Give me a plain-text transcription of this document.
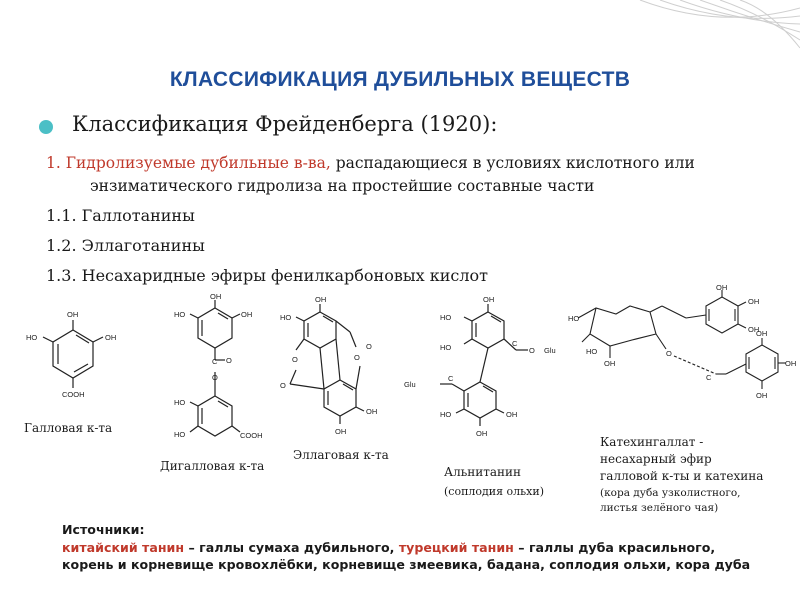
КЛАССИФИКАЦИЯ ДУБИЛЬНЫХ ВЕЩЕСТВ
Классификация Фрейденберга (1920):
1. Гидролизуемые дубильные в-ва, распадающиеся в условиях кислотного или
энзиматического гидролиза на простейшие составные части
1.1. Галлотанины
1.2. Эллаготанины
1.3. Несахаридные эфиры фенилкарбоновых кислот
OH
OH
HO
COOH
OH
OH
HO
C O
O
HO
HO	COOH
OH
HO
O	O
O
O
OH
OH
OH
HO
HO	C
O Glu
Glu
C
OH
OH
HO
HO
OH
OH
OH
HO
OH
O
C
OH
OH
OH
Галловая к-та
Дигалловая к-та
Эллаговая к-та
Альнитанин
(соплодия ольхи)
Катехингаллат -
несахарный эфир
галловой к-ты и катехина
(кора дуба узколистного,
листья зелёного чая)
Источники:
китайский танин – галлы сумаха дубильного, турецкий танин – галлы дуба красильного,
корень и корневище кровохлёбки, корневище змеевика, бадана, соплодия ольхи, кора дуба
